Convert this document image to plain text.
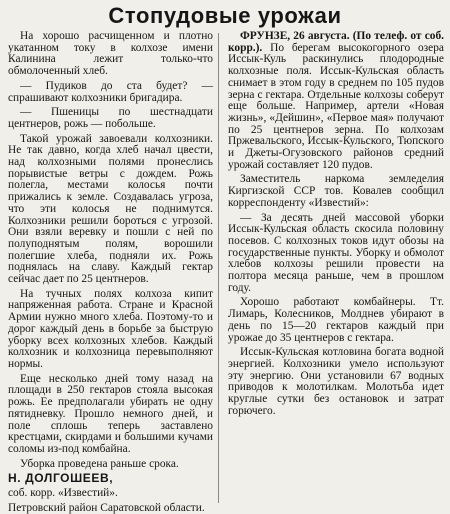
Стопудовые урожаи

На хорошо расчищенном и плотно укатанном току в колхозе имени Калинина лежит только-что обмолоченный хлеб.

— Пудиков до ста будет? — спрашивают колхозники бригадира.

— Пшеницы по шестнадцати центнеров, рожь — побольше.

Такой урожай завоевали колхозники. Не так давно, когда хлеб начал цвести, над колхозными полями пронеслись порывистые ветры с дождем. Рожь полегла, местами колосья почти прижались к земле. Создавалась угроза, что эти колосья не поднимутся. Колхозники решили бороться с угрозой. Они взяли веревку и пошли с ней по полуподнятым полям, ворошили полегшие хлеба, подняли их. Рожь поднялась на славу. Каждый гектар сейчас дает по 25 центнеров.

На тучных полях колхоза кипит напряженная работа. Стране и Красной Армии нужно много хлеба. Поэтому-то и дорог каждый день в борьбе за быструю уборку всех колхозных хлебов. Каждый колхозник и колхозница перевыполняют нормы.

Еще несколько дней тому назад на площади в 250 гектаров стояла высокая рожь. Ее предполагали убирать не одну пятидневку. Прошло немного дней, и поле сплошь теперь заставлено крестцами, скирдами и большими кучами соломы из-под комбайна.

Уборка проведена раньше срока.

Н. ДОЛГОШЕЕВ,

соб. корр. «Известий».

Петровский район Саратовской области.

ФРУНЗЕ, 26 августа. (По телеф. от соб. корр.). По берегам высокогорного озера Иссык-Куль раскинулись плодородные колхозные поля. Иссык-Кульская область снимает в этом году в среднем по 105 пудов зерна с гектара. Отдельные колхозы соберут еще больше. Например, артели «Новая жизнь», «Дейшин», «Первое мая» получают по 25 центнеров зерна. По колхозам Пржевальского, Иссык-Кульского, Тюпского и Джеты-Огузовского районов средний урожай составляет 120 пудов.

Заместитель наркома земледелия Киргизской ССР тов. Ковалев сообщил корреспонденту «Известий»:

— За десять дней массовой уборки Иссык-Кульская область скосила половину посевов. С колхозных токов идут обозы на государственные пункты. Уборку и обмолот хлебов колхозы решили провести на полтора месяца раньше, чем в прошлом году.

Хорошо работают комбайнеры. Тт. Лимарь, Колесников, Молднев убирают в день по 15—20 гектаров каждый при урожае до 35 центнеров с гектара.

Иссык-Кульская котловина богата водной энергией. Колхозники умело используют эту энергию. Они установили 67 водных приводов к молотилкам. Молотьба идет круглые сутки без остановок и затрат горючего.
